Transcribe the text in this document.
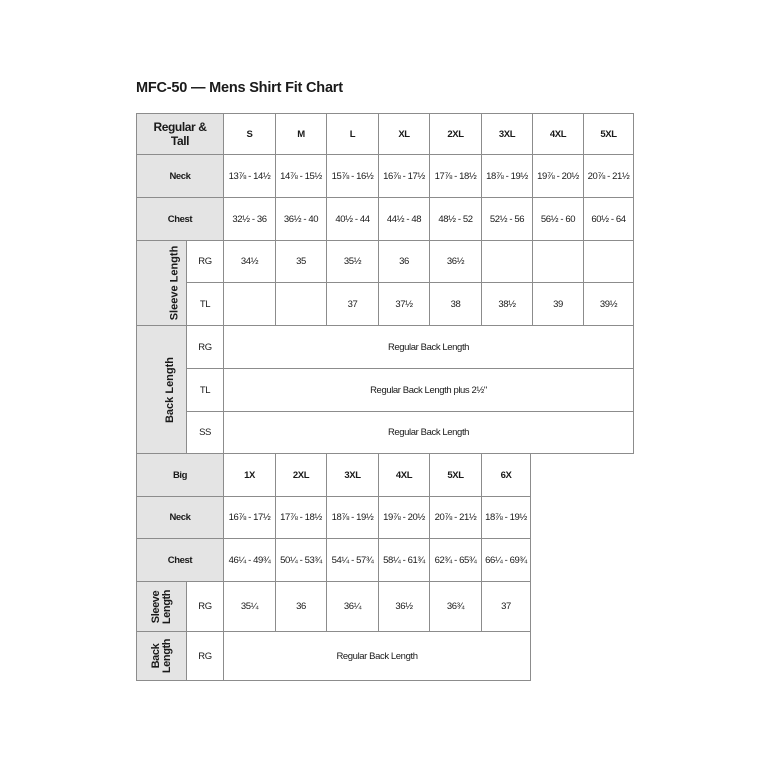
MFC-50 — Mens Shirt Fit Chart
Regular & Tall		S	M	L	XL	2XL	3XL	4XL	5XL
Neck		13⅞ - 14½	14⅞ - 15½	15⅞ - 16½	16⅞ - 17½	17⅞ - 18½	18⅞ - 19½	19⅞ - 20½	20⅞ - 21½
Chest		32½ - 36	36½ - 40	40½ - 44	44½ - 48	48½ - 52	52½ - 56	56½ - 60	60½ - 64
Sleeve Length	RG	34½	35	35½	36	36½			
	TL			37	37½	38	38½	39	39½
Back Length	RG	Regular Back Length							
	TL	Regular Back Length plus 2½"							
	SS	Regular Back Length							
Big		1X	2XL	3XL	4XL	5XL	6X
Neck		16⅞ - 17½	17⅞ - 18½	18⅞ - 19½	19⅞ - 20½	20⅞ - 21½	18⅞ - 19½
Chest		46¼ - 49¾	50¼ - 53¾	54¼ - 57¾	58¼ - 61¾	62¾ - 65¾	66¼ - 69¾
Sleeve Length	RG	35¼	36	36¼	36½	36¾	37
Back Length	RG	Regular Back Length					
